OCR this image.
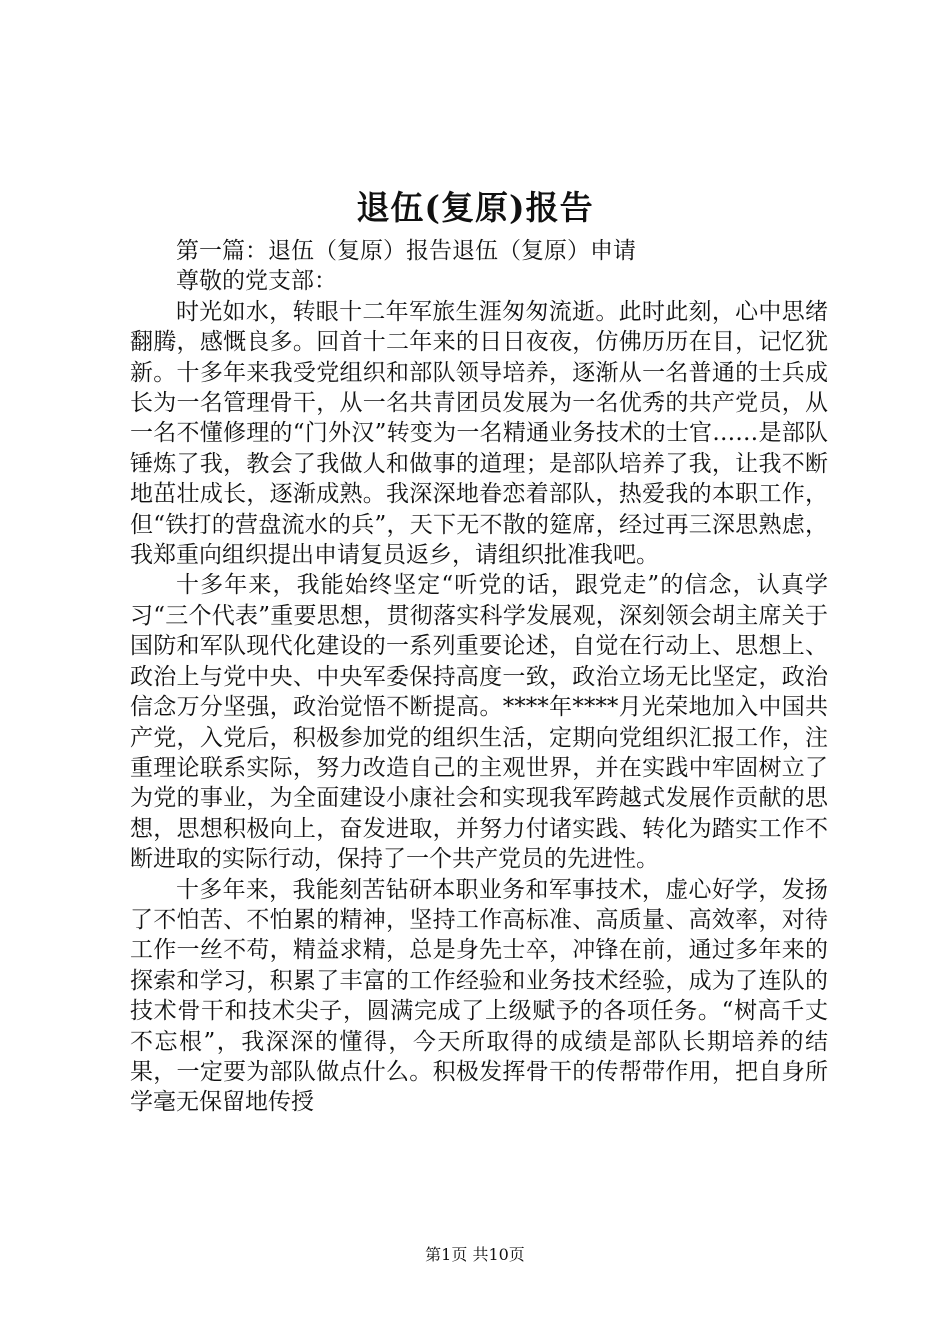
退伍(复原)报告

第一篇：退伍（复原）报告退伍（复原）申请

尊敬的党支部：

时光如水，转眼十二年军旅生涯匆匆流逝。此时此刻，心中思绪翻腾，感慨良多。回首十二年来的日日夜夜，仿佛历历在目，记忆犹新。十多年来我受党组织和部队领导培养，逐渐从一名普通的士兵成长为一名管理骨干，从一名共青团员发展为一名优秀的共产党员，从一名不懂修理的“门外汉”转变为一名精通业务技术的士官……是部队锤炼了我，教会了我做人和做事的道理；是部队培养了我，让我不断地茁壮成长，逐渐成熟。我深深地眷恋着部队，热爱我的本职工作，但“铁打的营盘流水的兵”，天下无不散的筵席，经过再三深思熟虑，我郑重向组织提出申请复员返乡，请组织批准我吧。

十多年来，我能始终坚定“听党的话，跟党走”的信念，认真学习“三个代表”重要思想，贯彻落实科学发展观，深刻领会胡主席关于国防和军队现代化建设的一系列重要论述，自觉在行动上、思想上、政治上与党中央、中央军委保持高度一致，政治立场无比坚定，政治信念万分坚强，政治觉悟不断提高。****年****月光荣地加入中国共产党，入党后，积极参加党的组织生活，定期向党组织汇报工作，注重理论联系实际，努力改造自己的主观世界，并在实践中牢固树立了为党的事业，为全面建设小康社会和实现我军跨越式发展作贡献的思想，思想积极向上，奋发进取，并努力付诸实践、转化为踏实工作不断进取的实际行动，保持了一个共产党员的先进性。

十多年来，我能刻苦钻研本职业务和军事技术，虚心好学，发扬了不怕苦、不怕累的精神，坚持工作高标准、高质量、高效率，对待工作一丝不苟，精益求精，总是身先士卒，冲锋在前，通过多年来的探索和学习，积累了丰富的工作经验和业务技术经验，成为了连队的技术骨干和技术尖子，圆满完成了上级赋予的各项任务。“树高千丈不忘根”，我深深的懂得，今天所取得的成绩是部队长期培养的结果，一定要为部队做点什么。积极发挥骨干的传帮带作用，把自身所学毫无保留地传授

第1页 共10页
